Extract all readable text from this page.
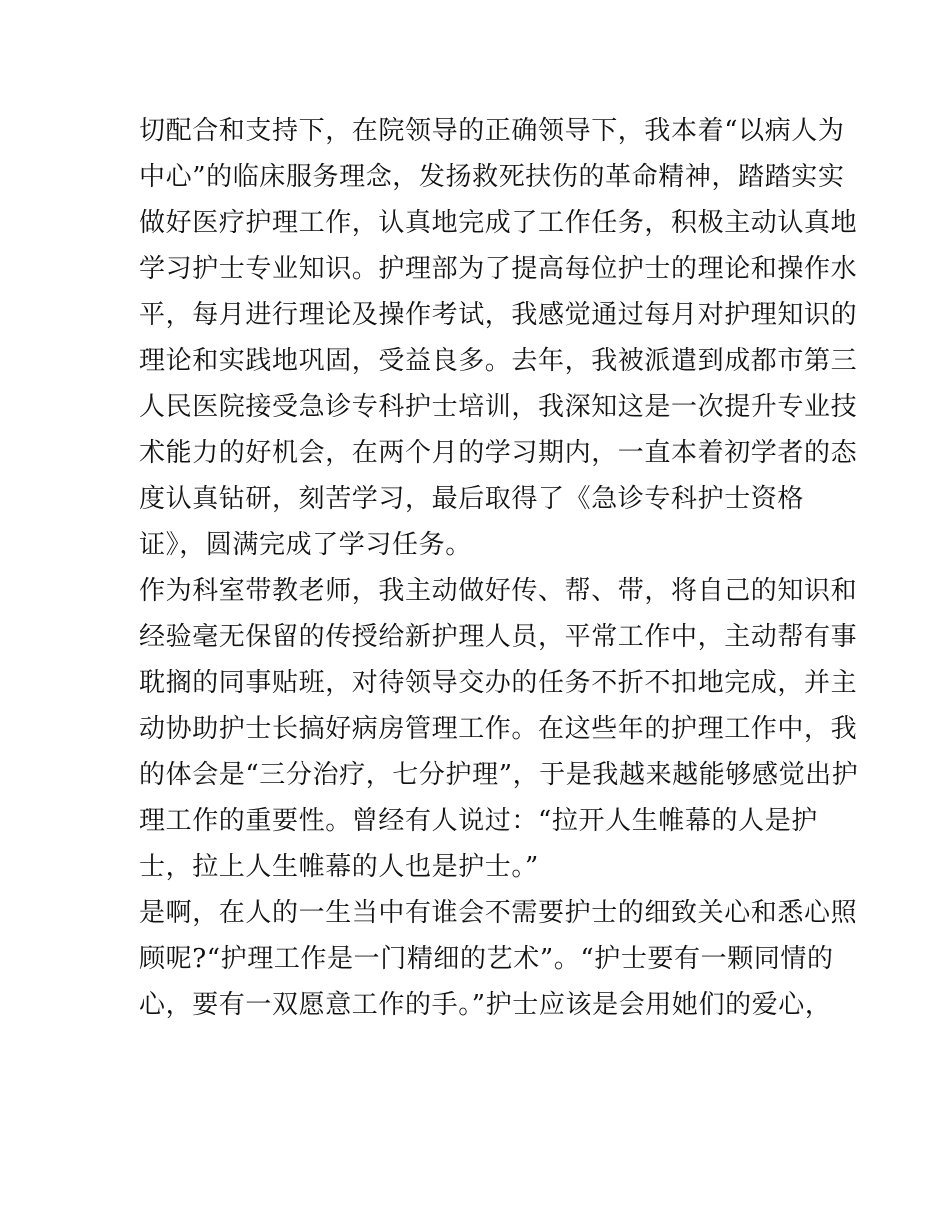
切配合和支持下，在院领导的正确领导下，我本着“以病人为
中心”的临床服务理念，发扬救死扶伤的革命精神，踏踏实实
做好医疗护理工作，认真地完成了工作任务，积极主动认真地
学习护士专业知识。护理部为了提高每位护士的理论和操作水
平，每月进行理论及操作考试，我感觉通过每月对护理知识的
理论和实践地巩固，受益良多。去年，我被派遣到成都市第三
人民医院接受急诊专科护士培训，我深知这是一次提升专业技
术能力的好机会，在两个月的学习期内，一直本着初学者的态
度认真钻研，刻苦学习，最后取得了《急诊专科护士资格
证》，圆满完成了学习任务。
作为科室带教老师，我主动做好传、帮、带，将自己的知识和
经验毫无保留的传授给新护理人员，平常工作中，主动帮有事
耽搁的同事贴班，对待领导交办的任务不折不扣地完成，并主
动协助护士长搞好病房管理工作。在这些年的护理工作中，我
的体会是“三分治疗，七分护理”，于是我越来越能够感觉出护
理工作的重要性。曾经有人说过：“拉开人生帷幕的人是护
士，拉上人生帷幕的人也是护士。”
是啊，在人的一生当中有谁会不需要护士的细致关心和悉心照
顾呢?“护理工作是一门精细的艺术”。“护士要有一颗同情的
心，要有一双愿意工作的手。”护士应该是会用她们的爱心，
